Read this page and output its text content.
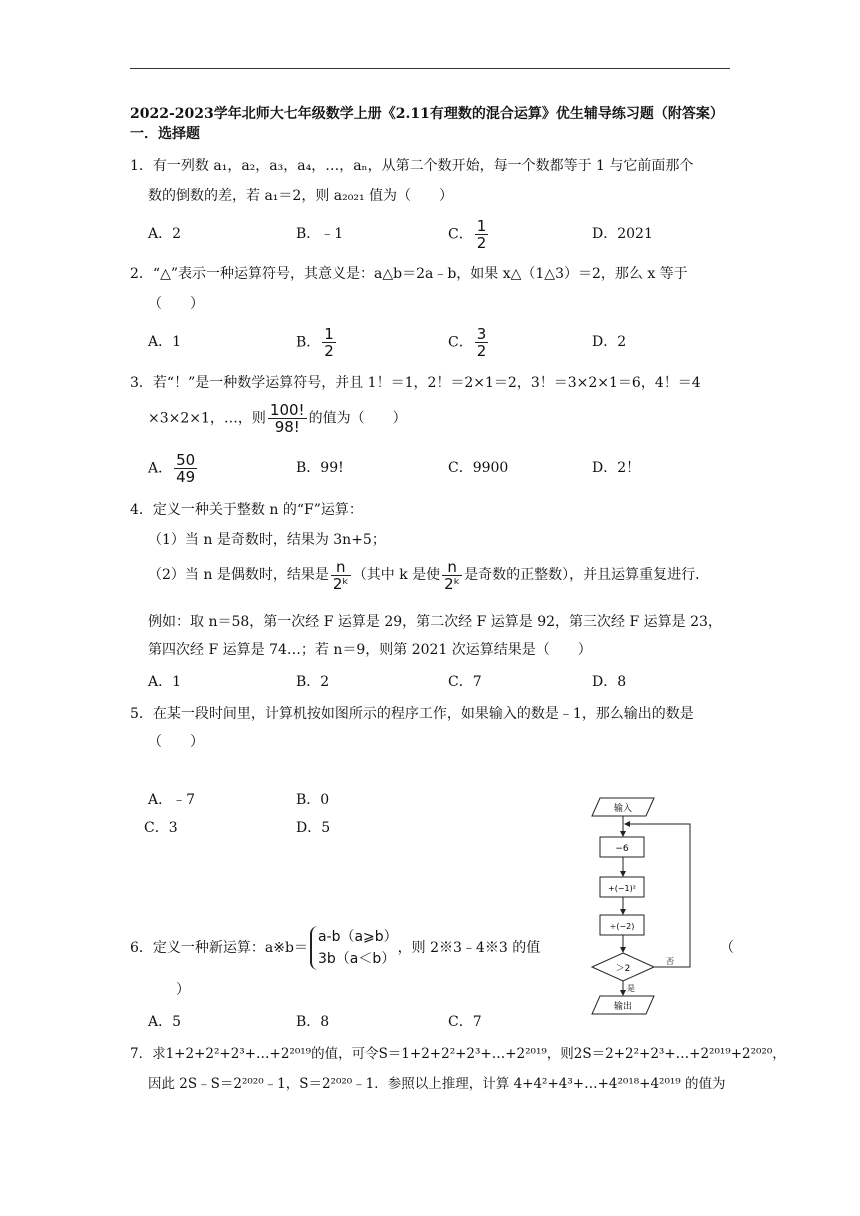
2022-2023学年北师大七年级数学上册《2.11有理数的混合运算》优生辅导练习题（附答案）
一．选择题
1．有一列数 a₁，a₂，a₃，a₄，…，aₙ，从第二个数开始，每一个数都等于 1 与它前面那个
数的倒数的差，若 a₁＝2，则 a₂₀₂₁ 值为（　　）
A．2	B．﹣1	C． $\frac{1}{2}$	D．2021
2．“△”表示一种运算符号，其意义是：a△b＝2a﹣b，如果 x△（1△3）＝2，那么 x 等于
（　　）
A．1	B． $\frac{1}{2}$	C． $\frac{3}{2}$	D．2
3．若“！”是一种数学运算符号，并且 1！＝1，2！＝2×1＝2，3！＝3×2×1＝6，4！＝4
×3×2×1，…，则 $\frac{100!}{98!}$ 的值为（　　）
A． $\frac{50}{49}$	B．99!	C．9900	D．2！
4．定义一种关于整数 n 的“F”运算：
（1）当 n 是奇数时，结果为 3n+5；
（2）当 n 是偶数时，结果是 $\frac{n}{\text{2ᵏ}}$ （其中 k 是使 $\frac{n}{\text{2ᵏ}}$ 是奇数的正整数），并且运算重复进行．
例如：取 n＝58，第一次经 F 运算是 29，第二次经 F 运算是 92，第三次经 F 运算是 23，
第四次经 F 运算是 74…；若 n＝9，则第 2021 次运算结果是（　　）
A．1	B．2	C．7	D．8
5．在某一段时间里，计算机按如图所示的程序工作，如果输入的数是﹣1，那么输出的数是
（　　）
A．﹣7	B．0
C．3	D．5
输入
−6
+(−1)²
÷(−2)
＞2
否
是
输出
6．定义一种新运算：a※b＝
a-b（a⩾b）
3b（a＜b）
，则 2※3﹣4※3 的值	（
）
A．5	B．8	C．7
7．求1+2+2²+2³+…+2²⁰¹⁹的值，可令S＝1+2+2²+2³+…+2²⁰¹⁹，则2S＝2+2²+2³+…+2²⁰¹⁹+2²⁰²⁰，
因此 2S﹣S＝2²⁰²⁰﹣1，S＝2²⁰²⁰﹣1．参照以上推理，计算 4+4²+4³+…+4²⁰¹⁸+4²⁰¹⁹ 的值为
